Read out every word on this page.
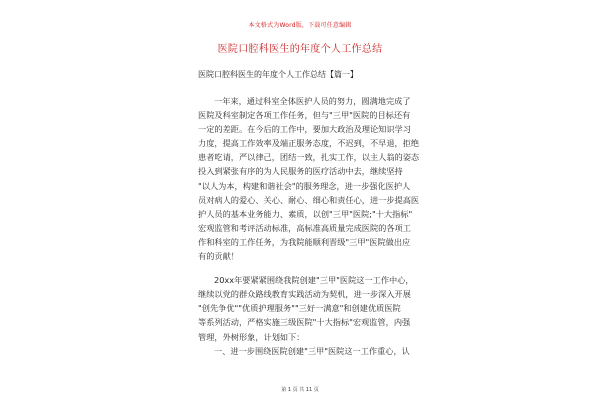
本文格式为Word版，下载可任意编辑
医院口腔科医生的年度个人工作总结
医院口腔科医生的年度个人工作总结【篇一】
一年来，通过科室全体医护人员的努力，圆满地完成了
医院及科室制定各项工作任务，但与"三甲"医院的目标还有
一定的差距。在今后的工作中，要加大政治及理论知识学习
力度，提高工作效率及端正服务态度，不迟到，不早退，拒绝
患者吃请，严以律己，团结一致，扎实工作，以主人翁的姿态
投入到紧张有序的为人民服务的医疗活动中去，继续坚持
"以人为本，构建和谐社会"的服务理念，进一步强化医护人
员对病人的爱心、关心、耐心、细心和责任心，进一步提高医
护人员的基本业务能力、素质，以创"三甲"医院;"十大指标"
宏观监管和考评活动标准，高标准高质量完成医院的各项工
作和科室的工作任务，为我院能顺利晋级"三甲"医院做出应
有的贡献！
20xx年要紧紧围绕我院创建"三甲"医院这一工作中心，
继续以党的群众路线教育实践活动为契机，进一步深入开展
"创先争优""优质护理服务""三好一满意"和创建优质医院
等系列活动，严格实施三级医院"十大指标"宏观监管，内强
管理，外树形象，计划如下：
一、进一步围绕医院创建"三甲"医院这一工作重心，认
第 1 页 共 11 页
